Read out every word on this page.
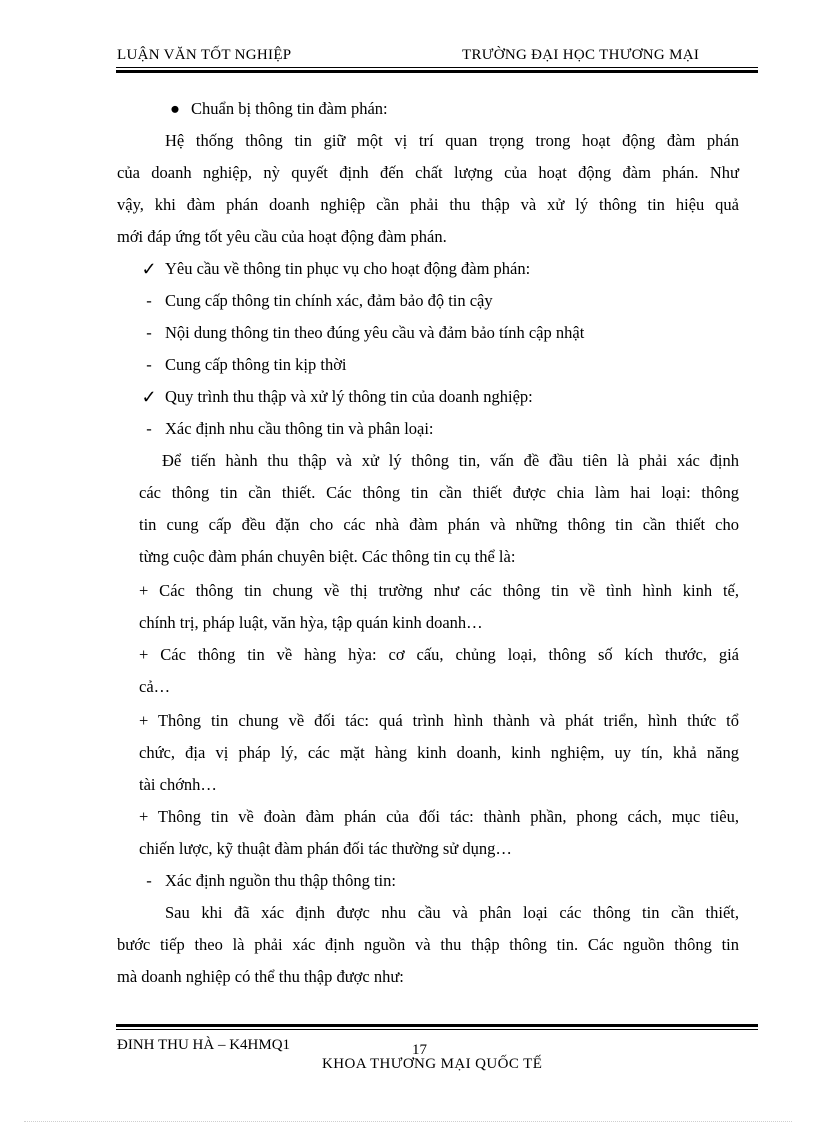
LUẬN VĂN TỐT NGHIỆP	TRƯỜNG ĐẠI HỌC THƯƠNG MẠI
● Chuẩn bị thông tin đàm phán:
Hệ thống thông tin giữ một vị trí quan trọng trong hoạt động đàm phán
của doanh nghiệp, nỳ quyết định đến chất lượng của hoạt động đàm phán. Như
vậy, khi đàm phán doanh nghiệp cần phải thu thập và xử lý thông tin hiệu quả
mới đáp ứng tốt yêu cầu của hoạt động đàm phán.
✓ Yêu cầu về thông tin phục vụ cho hoạt động đàm phán:
- Cung cấp thông tin chính xác, đảm bảo độ tin cậy
- Nội dung thông tin theo đúng yêu cầu và đảm bảo tính cập nhật
- Cung cấp thông tin kịp thời
✓ Quy trình thu thập và xử lý thông tin của doanh nghiệp:
- Xác định nhu cầu thông tin và phân loại:
Để tiến hành thu thập và xử lý thông tin, vấn đề đầu tiên là phải xác định
các thông tin cần thiết. Các thông tin cần thiết được chia làm hai loại: thông
tin cung cấp đều đặn cho các nhà đàm phán và những thông tin cần thiết cho
từng cuộc đàm phán chuyên biệt. Các thông tin cụ thể là:
+ Các thông tin chung về thị trường như các thông tin về tình hình kinh tế,
chính trị, pháp luật, văn hỳa, tập quán kinh doanh…
+ Các thông tin về hàng hỳa: cơ cấu, chủng loại, thông số kích thước, giá
cả…
+ Thông tin chung về đối tác: quá trình hình thành và phát triển, hình thức tổ
chức, địa vị pháp lý, các mặt hàng kinh doanh, kinh nghiệm, uy tín, khả năng
tài chớnh…
+ Thông tin về đoàn đàm phán của đối tác: thành phần, phong cách, mục tiêu,
chiến lược, kỹ thuật đàm phán đối tác thường sử dụng…
- Xác định nguồn thu thập thông tin:
Sau khi đã xác định được nhu cầu và phân loại các thông tin cần thiết,
bước tiếp theo là phải xác định nguồn và thu thập thông tin. Các nguồn thông tin
mà doanh nghiệp có thể thu thập được như:
ĐINH THU HÀ – K4HMQ1	17
KHOA THƯƠNG MẠI QUỐC TẾ
